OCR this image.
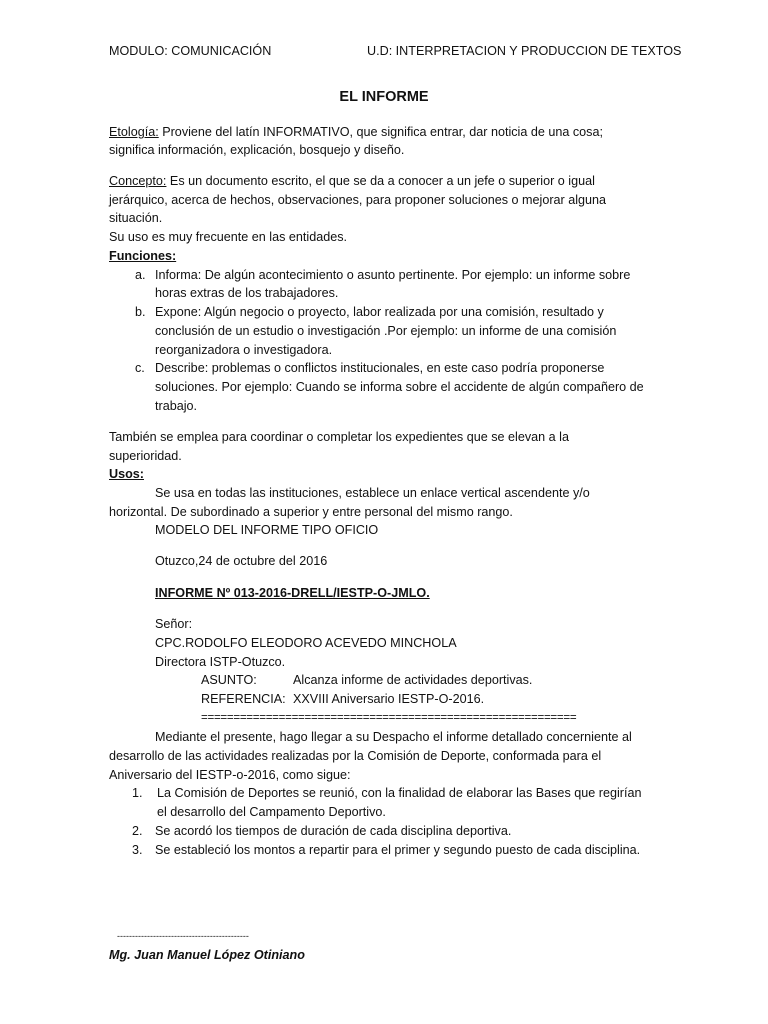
MODULO: COMUNICACIÓN	U.D: INTERPRETACION Y PRODUCCION DE TEXTOS
EL INFORME
Etología: Proviene del latín INFORMATIVO, que significa entrar, dar noticia de una cosa;
significa información, explicación, bosquejo y diseño.
Concepto: Es un documento escrito, el que se da a conocer a un jefe o superior o igual
jerárquico, acerca de hechos, observaciones, para proponer soluciones o mejorar alguna
situación.
Su uso es muy frecuente en las entidades.
Funciones:
a. Informa: De algún acontecimiento o asunto pertinente. Por ejemplo: un informe sobre
horas extras de los trabajadores.
b. Expone: Algún negocio o proyecto, labor realizada por una comisión, resultado y
conclusión de un estudio o investigación .Por ejemplo: un informe de una comisión
reorganizadora o investigadora.
c. Describe: problemas o conflictos institucionales, en este caso podría proponerse
soluciones. Por ejemplo: Cuando se informa sobre el accidente de algún compañero de
trabajo.
También se emplea para coordinar o completar los expedientes que se elevan a la
superioridad.
Usos:
Se usa en todas las instituciones, establece un enlace vertical ascendente y/o
horizontal. De subordinado a superior y entre personal del mismo rango.
MODELO DEL INFORME TIPO OFICIO
Otuzco,24 de octubre del 2016
INFORME Nº 013-2016-DRELL/IESTP-O-JMLO.
Señor:
CPC.RODOLFO ELEODORO ACEVEDO MINCHOLA
Directora ISTP-Otuzco.
ASUNTO:	Alcanza informe de actividades deportivas.
REFERENCIA: XXVIII Aniversario IESTP-O-2016.
==========================================================
Mediante el presente, hago llegar a su Despacho el informe detallado concerniente al
desarrollo de las actividades realizadas por la Comisión de Deporte, conformada para el
Aniversario del IESTP-o-2016, como sigue:
1. La Comisión de Deportes se reunió, con la finalidad de elaborar las Bases que regirían
el desarrollo del Campamento Deportivo.
2. Se acordó los tiempos de duración de cada disciplina deportiva.
3. Se estableció los montos a repartir para el primer y segundo puesto de cada disciplina.
--------------------------------------------
Mg. Juan Manuel López Otiniano
